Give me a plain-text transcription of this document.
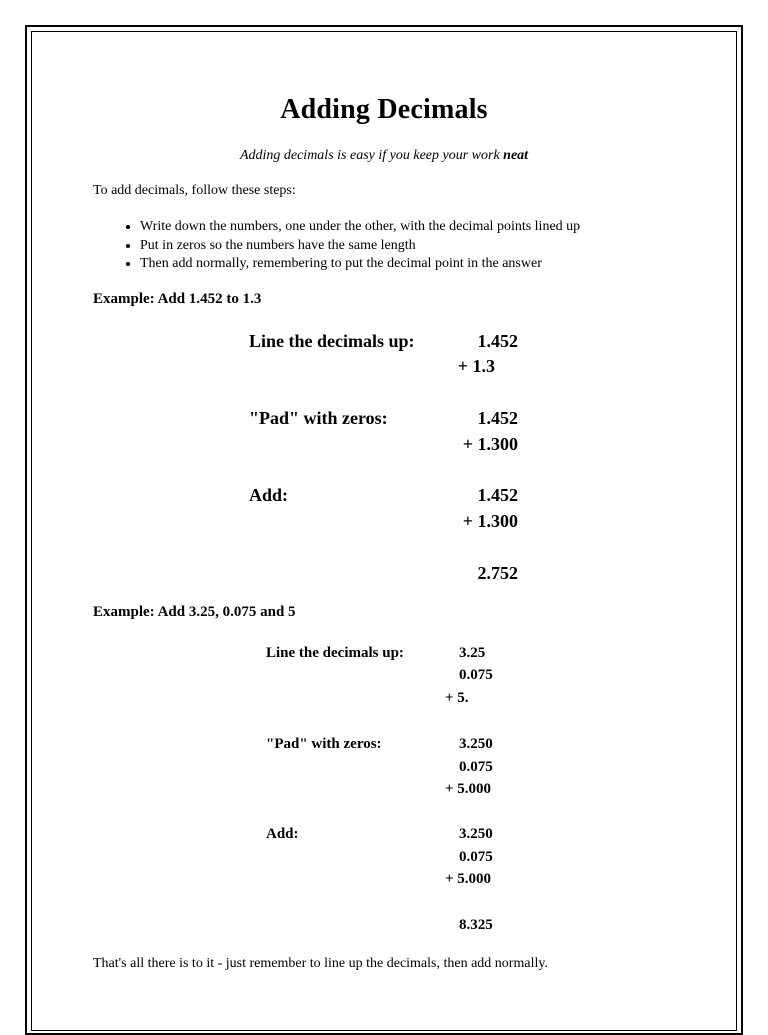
Adding Decimals
Adding decimals is easy if you keep your work neat
To add decimals, follow these steps:
• Write down the numbers, one under the other, with the decimal points lined up
• Put in zeros so the numbers have the same length
• Then add normally, remembering to put the decimal point in the answer
Example: Add 1.452 to 1.3
Line the decimals up:	1.452
+ 1.3
"Pad" with zeros:	1.452
+ 1.300
Add:	1.452
+ 1.300
2.752
Example: Add 3.25, 0.075 and 5
Line the decimals up:	3.25
0.075
+ 5.
"Pad" with zeros:	3.250
0.075
+ 5.000
Add:	3.250
0.075
+ 5.000
8.325
That's all there is to it - just remember to line up the decimals, then add normally.
